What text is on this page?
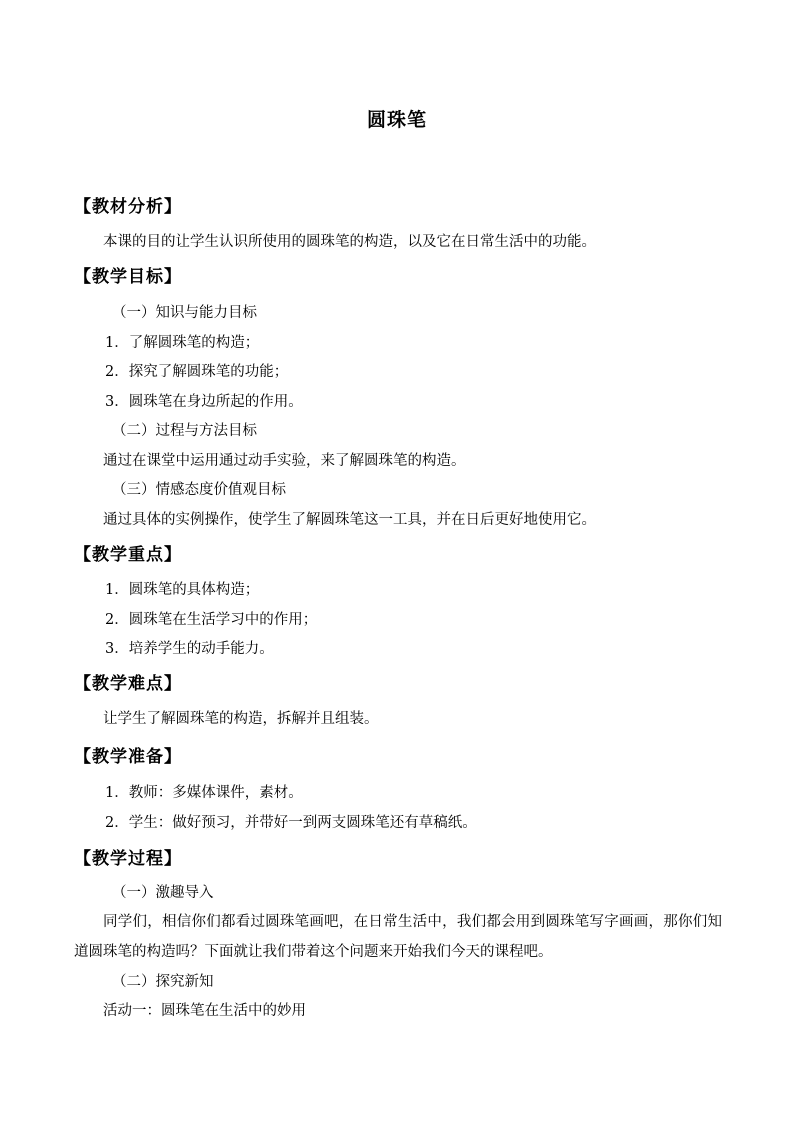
圆珠笔
【教材分析】
本课的目的让学生认识所使用的圆珠笔的构造，以及它在日常生活中的功能。
【教学目标】
（一）知识与能力目标
1．了解圆珠笔的构造；
2．探究了解圆珠笔的功能；
3．圆珠笔在身边所起的作用。
（二）过程与方法目标
通过在课堂中运用通过动手实验，来了解圆珠笔的构造。
（三）情感态度价值观目标
通过具体的实例操作，使学生了解圆珠笔这一工具，并在日后更好地使用它。
【教学重点】
1．圆珠笔的具体构造；
2．圆珠笔在生活学习中的作用；
3．培养学生的动手能力。
【教学难点】
让学生了解圆珠笔的构造，拆解并且组装。
【教学准备】
1．教师：多媒体课件，素材。
2．学生：做好预习，并带好一到两支圆珠笔还有草稿纸。
【教学过程】
（一）激趣导入
同学们，相信你们都看过圆珠笔画吧，在日常生活中，我们都会用到圆珠笔写字画画，那你们知道圆珠笔的构造吗？下面就让我们带着这个问题来开始我们今天的课程吧。
（二）探究新知
活动一：圆珠笔在生活中的妙用
